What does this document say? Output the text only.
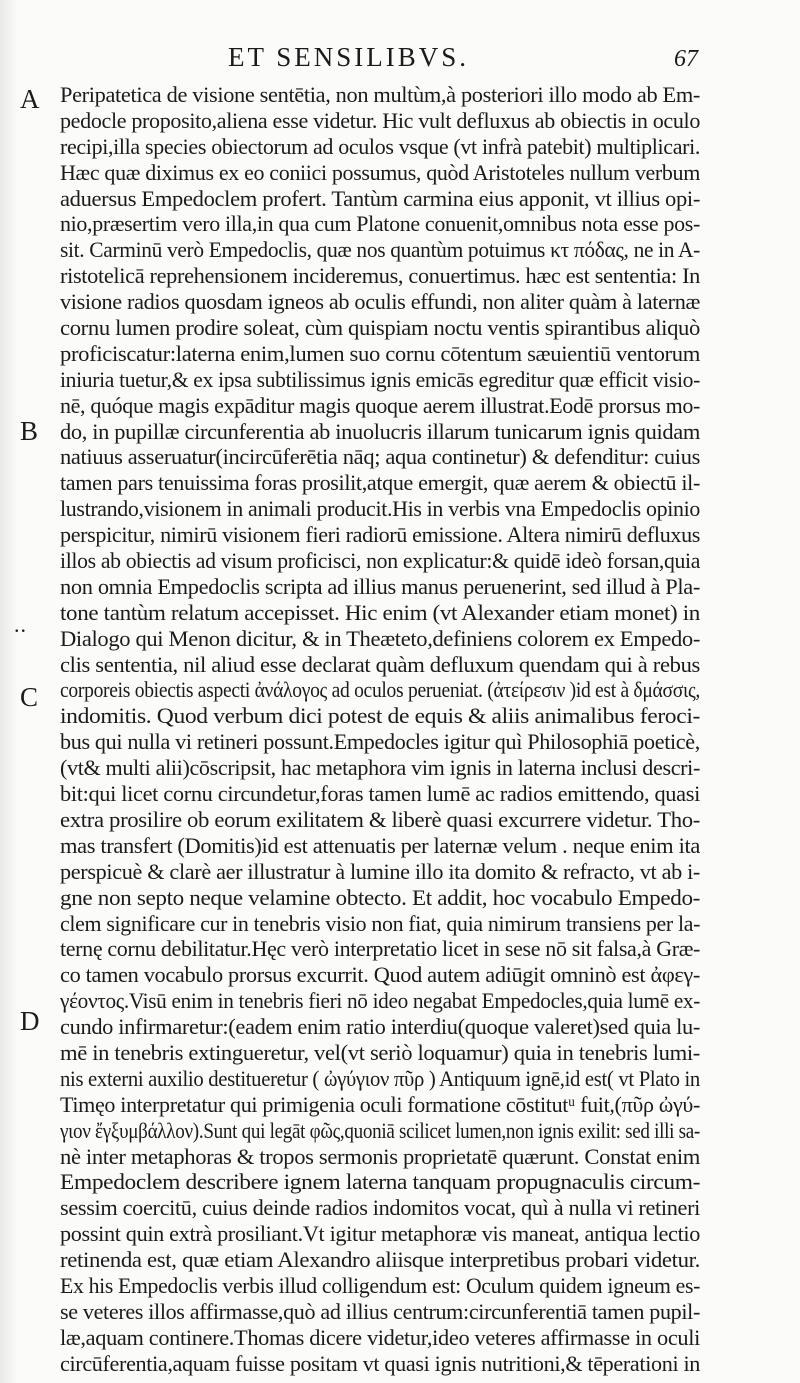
ET SENSILIBVS.	67
A
B
..
C
D
Peripatetica de visione sentētia, non multùm,à posteriori illo modo ab Em-
pedocle proposito,aliena esse videtur. Hic vult defluxus ab obiectis in oculo
recipi,illa species obiectorum ad oculos vsque (vt infrà patebit) multiplicari.
Hæc quæ diximus ex eo coniici possumus, quòd Aristoteles nullum verbum
aduersus Empedoclem profert. Tantùm carmina eius apponit, vt illius opi-
nio,præsertim vero illa,in qua cum Platone conuenit,omnibus nota esse pos-
sit. Carminū verò Empedoclis, quæ nos quantùm potuimus κτ πόδας, ne in A-
ristotelicā reprehensionem incideremus, conuertimus. hæc est sententia: In
visione radios quosdam igneos ab oculis effundi, non aliter quàm à laternæ
cornu lumen prodire soleat, cùm quispiam noctu ventis spirantibus aliquò
proficiscatur:laterna enim,lumen suo cornu cōtentum sæuientiū ventorum
iniuria tuetur,& ex ipsa subtilissimus ignis emicās egreditur quæ efficit visio-
nē, quóque magis expāditur magis quoque aerem illustrat.Eodē prorsus mo-
do, in pupillæ circunferentia ab inuolucris illarum tunicarum ignis quidam
natiuus asseruatur(incircūferētia nāq; aqua continetur) & defenditur: cuius
tamen pars tenuissima foras prosilit,atque emergit, quæ aerem & obiectū il-
lustrando,visionem in animali producit.His in verbis vna Empedoclis opinio
perspicitur, nimirū visionem fieri radiorū emissione. Altera nimirū defluxus
illos ab obiectis ad visum proficisci, non explicatur:& quidē ideò forsan,quia
non omnia Empedoclis scripta ad illius manus peruenerint, sed illud à Pla-
tone tantùm relatum accepisset. Hic enim (vt Alexander etiam monet) in
Dialogo qui Menon dicitur, & in Theæteto,definiens colorem ex Empedo-
clis sententia, nil aliud esse declarat quàm defluxum quendam qui à rebus
corporeis obiectis aspecti ἀνάλογος ad oculos perueniat. (ἀτείρεσιν )id est à δμάσσις,
indomitis. Quod verbum dici potest de equis & aliis animalibus feroci-
bus qui nulla vi retineri possunt.Empedocles igitur quì Philosophiā poeticè,
(vt& multi alii)cōscripsit, hac metaphora vim ignis in laterna inclusi descri-
bit:qui licet cornu circundetur,foras tamen lumē ac radios emittendo, quasi
extra prosilire ob eorum exilitatem & liberè quasi excurrere videtur. Tho-
mas transfert (Domitis)id est attenuatis per laternæ velum . neque enim ita
perspicuè & clarè aer illustratur à lumine illo ita domito & refracto, vt ab i-
gne non septo neque velamine obtecto. Et addit, hoc vocabulo Empedo-
clem significare cur in tenebris visio non fiat, quia nimirum transiens per la-
ternę cornu debilitatur.Hęc verò interpretatio licet in sese nō sit falsa,à Græ-
co tamen vocabulo prorsus excurrit. Quod autem adiūgit omninò est ἀφεγ-
γέοντος.Visū enim in tenebris fieri nō ideo negabat Empedocles,quia lumē ex-
cundo infirmaretur:(eadem enim ratio interdiu(quoque valeret)sed quia lu-
mē in tenebris extingueretur, vel(vt seriò loquamur) quia in tenebris lumi-
nis externi auxilio destitueretur ( ὠγύγιον πῦρ ) Antiquum ignē,id est( vt Plato in
Timęo interpretatur qui primigenia oculi formatione cōstitutᵘ fuit,(πῦρ ὠγύ-
γιον ἔγξυμβάλλον).Sunt qui legāt φῶς,quoniā scilicet lumen,non ignis exilit: sed illi sa-
nè inter metaphoras & tropos sermonis proprietatē quærunt. Constat enim
Empedoclem describere ignem laterna tanquam propugnaculis circum-
sessim coercitū, cuius deinde radios indomitos vocat, quì à nulla vi retineri
possint quin extrà prosiliant.Vt igitur metaphoræ vis maneat, antiqua lectio
retinenda est, quæ etiam Alexandro aliisque interpretibus probari videtur.
Ex his Empedoclis verbis illud colligendum est: Oculum quidem igneum es-
se veteres illos affirmasse,quò ad illius centrum:circunferentiā tamen pupil-
læ,aquam continere.Thomas dicere videtur,ideo veteres affirmasse in oculi
circūferentia,aquam fuisse positam vt quasi ignis nutritioni,& tēperationi in
